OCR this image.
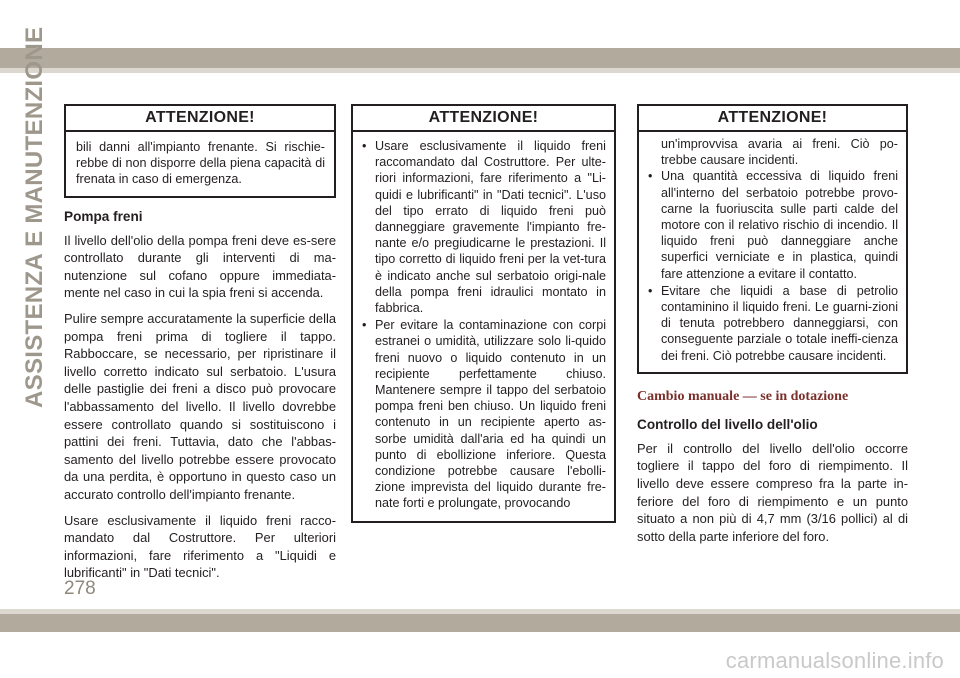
ASSISTENZA E MANUTENZIONE	ATTENZIONE!
bili danni all'impianto frenante. Si rischie-rebbe di non disporre della piena capacità di frenata in caso di emergenza.
Pompa freni

Il livello dell'olio della pompa freni deve es-sere controllato durante gli interventi di ma-nutenzione sul cofano oppure immediata-mente nel caso in cui la spia freni si accenda.

Pulire sempre accuratamente la superficie della pompa freni prima di togliere il tappo. Rabboccare, se necessario, per ripristinare il livello corretto indicato sul serbatoio. L'usura delle pastiglie dei freni a disco può provocare l'abbassamento del livello. Il livello dovrebbe essere controllato quando si sostituiscono i pattini dei freni. Tuttavia, dato che l'abbas-samento del livello potrebbe essere provocato da una perdita, è opportuno in questo caso un accurato controllo dell'impianto frenante.

Usare esclusivamente il liquido freni racco-mandato dal Costruttore. Per ulteriori informazioni, fare riferimento a "Liquidi e lubrificanti" in "Dati tecnici".

ATTENZIONE!
• Usare esclusivamente il liquido freni raccomandato dal Costruttore. Per ulte-riori informazioni, fare riferimento a "Li-quidi e lubrificanti" in "Dati tecnici". L'uso del tipo errato di liquido freni può danneggiare gravemente l'impianto fre-nante e/o pregiudicarne le prestazioni. Il tipo corretto di liquido freni per la vet-tura è indicato anche sul serbatoio origi-nale della pompa freni idraulici montato in fabbrica.
• Per evitare la contaminazione con corpi estranei o umidità, utilizzare solo li-quido freni nuovo o liquido contenuto in un recipiente perfettamente chiuso. Mantenere sempre il tappo del serbatoio pompa freni ben chiuso. Un liquido freni contenuto in un recipiente aperto as-sorbe umidità dall'aria ed ha quindi un punto di ebollizione inferiore. Questa condizione potrebbe causare l'ebolli-zione imprevista del liquido durante fre-nate forti e prolungate, provocando
ATTENZIONE!
un'improvvisa avaria ai freni. Ciò po-trebbe causare incidenti.
• Una quantità eccessiva di liquido freni all'interno del serbatoio potrebbe provo-carne la fuoriuscita sulle parti calde del motore con il relativo rischio di incendio. Il liquido freni può danneggiare anche superfici verniciate e in plastica, quindi fare attenzione a evitare il contatto.
• Evitare che liquidi a base di petrolio contaminino il liquido freni. Le guarni-zioni di tenuta potrebbero danneggiarsi, con conseguente parziale o totale ineffi-cienza dei freni. Ciò potrebbe causare incidenti.
Cambio manuale — se in dotazione
Controllo del livello dell'olio

Per il controllo del livello dell'olio occorre togliere il tappo del foro di riempimento. Il livello deve essere compreso fra la parte in-feriore del foro di riempimento e un punto situato a non più di 4,7 mm (3/16 pollici) al di sotto della parte inferiore del foro.

278
carmanualsonline.info
